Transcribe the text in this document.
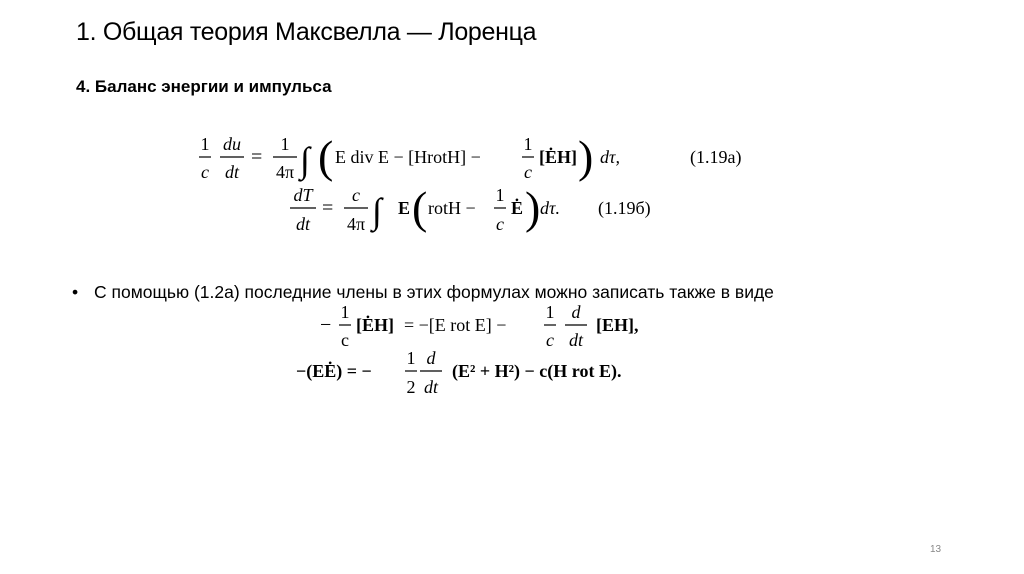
1. Общая теория Максвелла — Лоренца
4. Баланс энергии и импульса
1
c
du
dt
=
1
4π ∫ ( E div E − [HrotH] −
1
c
[ĖH] ) dτ,	(1.19а)
dT
dt
=
c
4π ∫ E ( rotH −
1
c
Ė ) dτ. (1.19б)
−
1
c
[ĖH] = −[E rot E] −
1
c
d
dt
[EH],
−(EĖ) = −
1
2
d
dt
(E² + H²) − c(H rot E).
• С помощью (1.2а) последние члены в этих формулах можно записать также в виде
13
